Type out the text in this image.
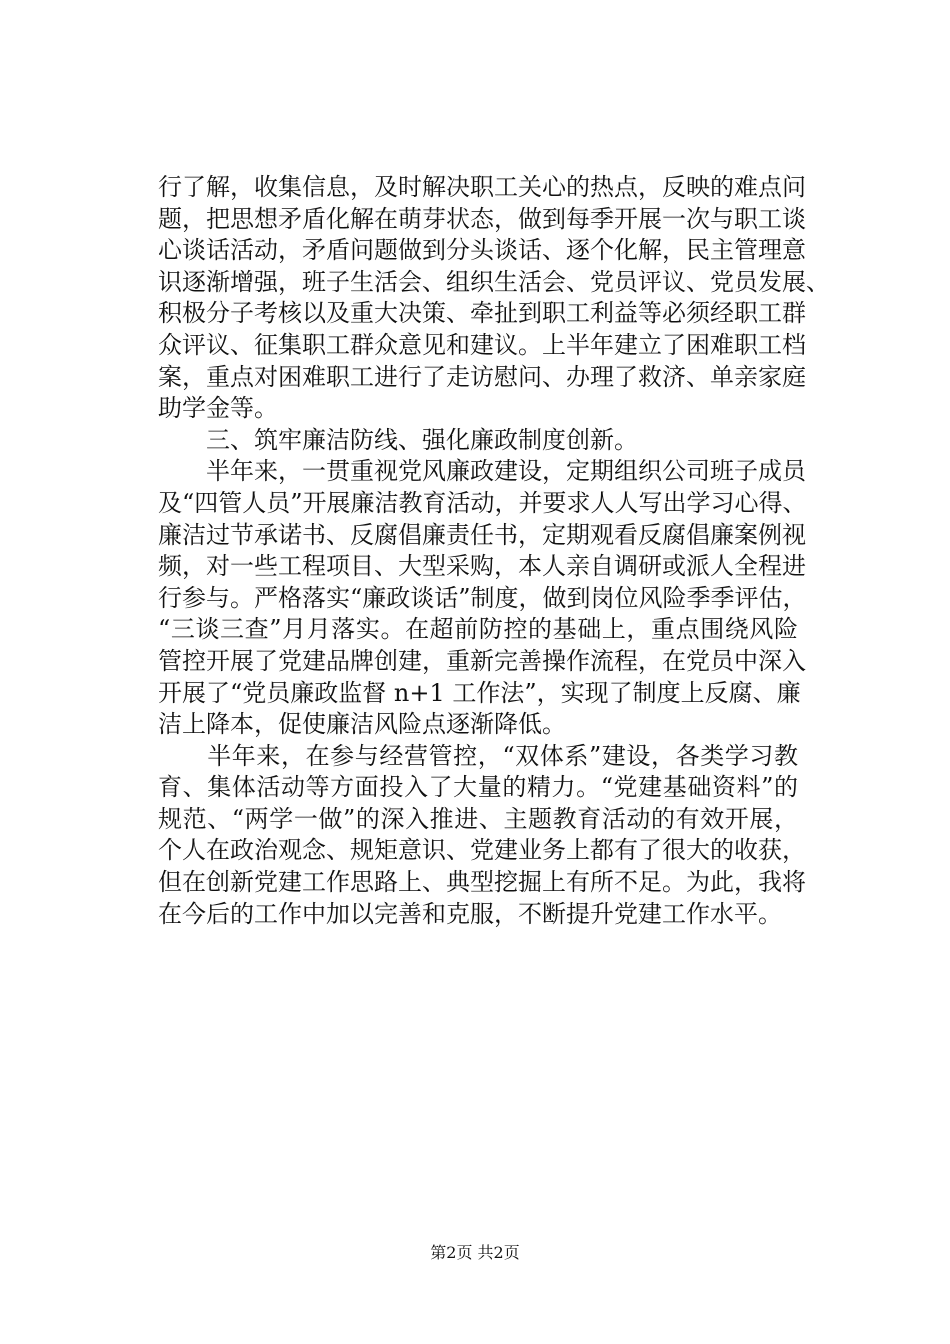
行了解，收集信息，及时解决职工关心的热点，反映的难点问
题，把思想矛盾化解在萌芽状态，做到每季开展一次与职工谈
心谈话活动，矛盾问题做到分头谈话、逐个化解，民主管理意
识逐渐增强，班子生活会、组织生活会、党员评议、党员发展、
积极分子考核以及重大决策、牵扯到职工利益等必须经职工群
众评议、征集职工群众意见和建议。上半年建立了困难职工档
案，重点对困难职工进行了走访慰问、办理了救济、单亲家庭
助学金等。
　　三、筑牢廉洁防线、强化廉政制度创新。
　　半年来，一贯重视党风廉政建设，定期组织公司班子成员
及“四管人员”开展廉洁教育活动，并要求人人写出学习心得、
廉洁过节承诺书、反腐倡廉责任书，定期观看反腐倡廉案例视
频，对一些工程项目、大型采购，本人亲自调研或派人全程进
行参与。严格落实“廉政谈话”制度，做到岗位风险季季评估，
“三谈三查”月月落实。在超前防控的基础上，重点围绕风险
管控开展了党建品牌创建，重新完善操作流程，在党员中深入
开展了“党员廉政监督 n+1 工作法”，实现了制度上反腐、廉
洁上降本，促使廉洁风险点逐渐降低。
　　半年来，在参与经营管控，“双体系”建设，各类学习教
育、集体活动等方面投入了大量的精力。“党建基础资料”的
规范、“两学一做”的深入推进、主题教育活动的有效开展，
个人在政治观念、规矩意识、党建业务上都有了很大的收获，
但在创新党建工作思路上、典型挖掘上有所不足。为此，我将
在今后的工作中加以完善和克服，不断提升党建工作水平。
第2页 共2页
